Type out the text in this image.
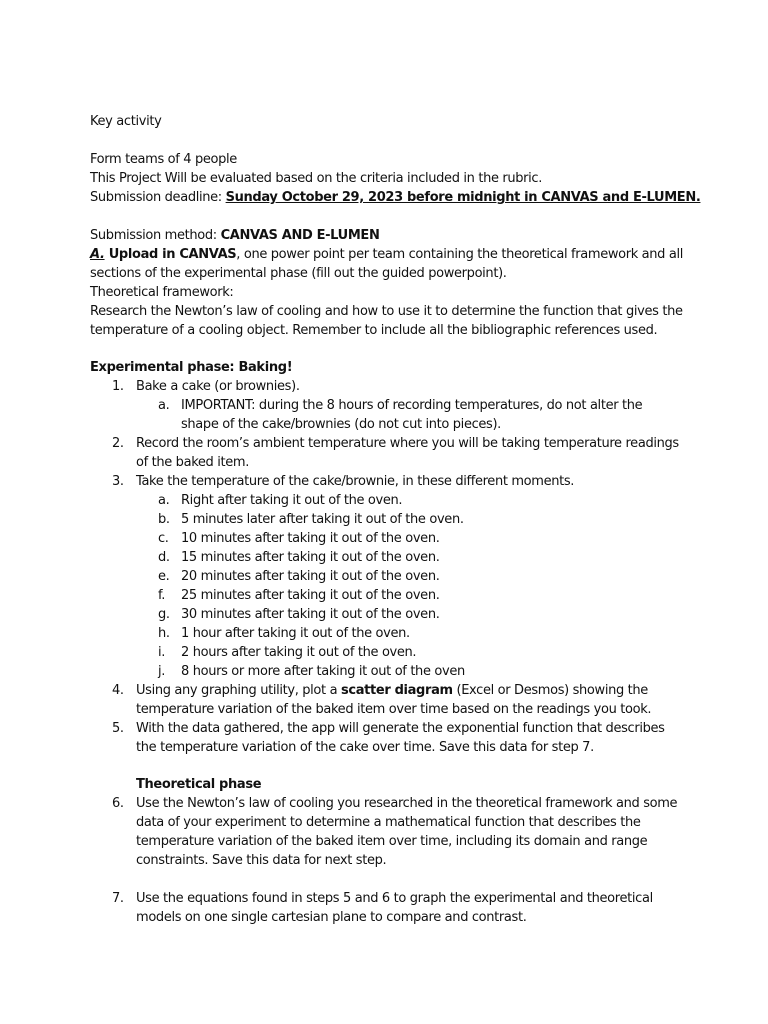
Key activity
Form teams of 4 people
This Project Will be evaluated based on the criteria included in the rubric.
Submission deadline: Sunday October 29, 2023 before midnight in CANVAS and E-LUMEN.
Submission method: CANVAS AND E-LUMEN
A. Upload in CANVAS, one power point per team containing the theoretical framework and all
sections of the experimental phase (fill out the guided powerpoint).
Theoretical framework:
Research the Newton’s law of cooling and how to use it to determine the function that gives the
temperature of a cooling object. Remember to include all the bibliographic references used.
Experimental phase: Baking!
1. Bake a cake (or brownies).
a. IMPORTANT: during the 8 hours of recording temperatures, do not alter the
shape of the cake/brownies (do not cut into pieces).
2. Record the room’s ambient temperature where you will be taking temperature readings
of the baked item.
3. Take the temperature of the cake/brownie, in these different moments.
a. Right after taking it out of the oven.
b. 5 minutes later after taking it out of the oven.
c. 10 minutes after taking it out of the oven.
d. 15 minutes after taking it out of the oven.
e. 20 minutes after taking it out of the oven.
f. 25 minutes after taking it out of the oven.
g. 30 minutes after taking it out of the oven.
h. 1 hour after taking it out of the oven.
i. 2 hours after taking it out of the oven.
j. 8 hours or more after taking it out of the oven
4. Using any graphing utility, plot a scatter diagram (Excel or Desmos) showing the
temperature variation of the baked item over time based on the readings you took.
5. With the data gathered, the app will generate the exponential function that describes
the temperature variation of the cake over time. Save this data for step 7.
Theoretical phase
6. Use the Newton’s law of cooling you researched in the theoretical framework and some
data of your experiment to determine a mathematical function that describes the
temperature variation of the baked item over time, including its domain and range
constraints. Save this data for next step.
7. Use the equations found in steps 5 and 6 to graph the experimental and theoretical
models on one single cartesian plane to compare and contrast.
